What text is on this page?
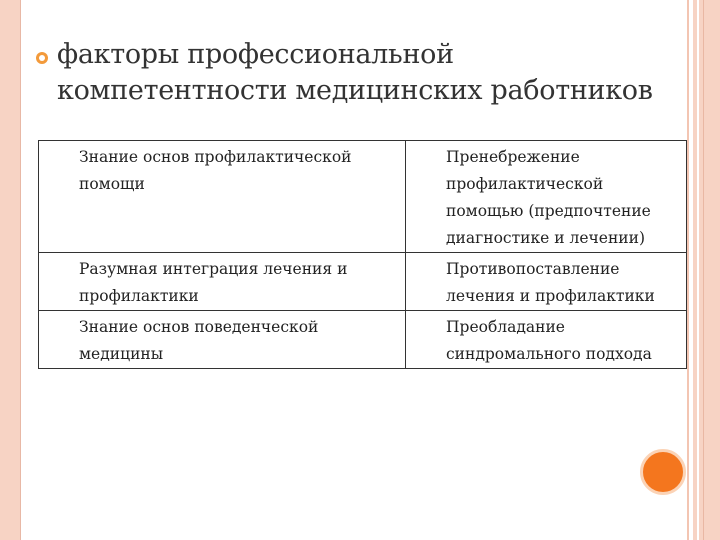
факторы профессиональной компетентности медицинских работников
Знание основ профилактической помощи	Пренебрежение профилактической помощью (предпочтение диагностике и лечении)
Разумная интеграция лечения и профилактики	Противопоставление лечения и профилактики
Знание основ поведенческой медицины	Преобладание синдромального подхода
